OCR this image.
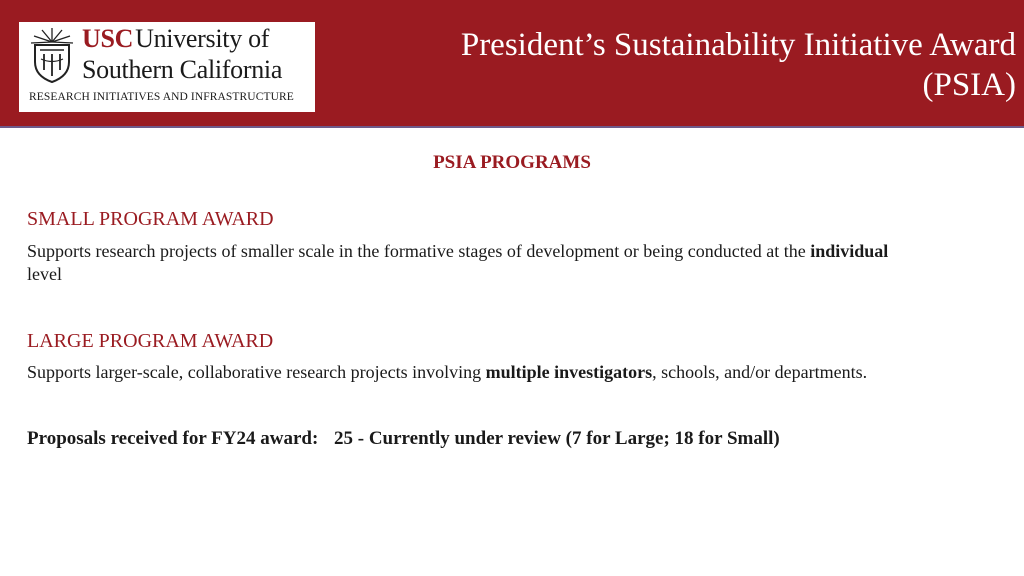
USCUniversity of
Southern California
RESEARCH INITIATIVES AND INFRASTRUCTURE
President’s Sustainability Initiative Award
(PSIA)
PSIA PROGRAMS
SMALL PROGRAM AWARD
Supports research projects of smaller scale in the formative stages of development or being conducted at the individual level
LARGE PROGRAM AWARD
Supports larger-scale, collaborative research projects involving multiple investigators, schools, and/or departments.
Proposals received for FY24 award: 25 - Currently under review (7 for Large; 18 for Small)
